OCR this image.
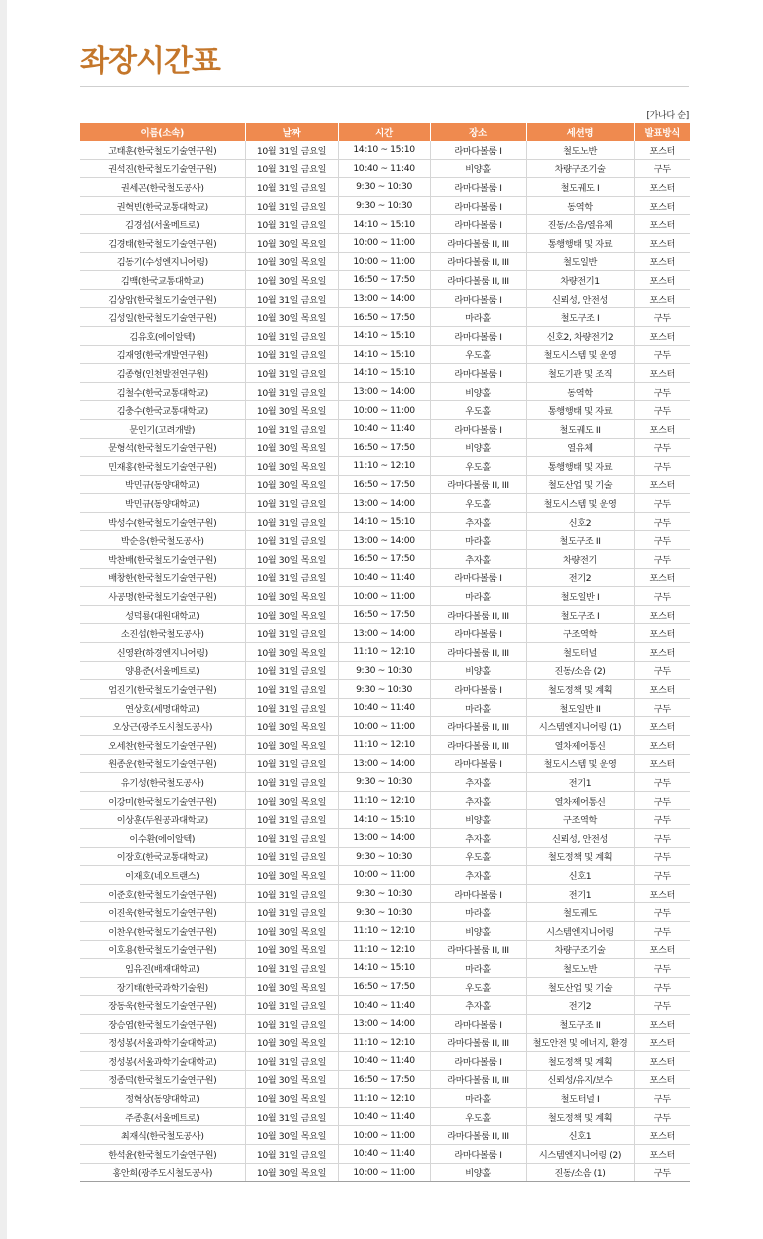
좌장시간표
[가나다 순]
이름(소속)	날짜	시간	장소	세션명	발표방식
고태훈(한국철도기술연구원)	10월 31일 금요일	14:10 ~ 15:10	라마다볼룸 I	철도노반	포스터
권석진(한국철도기술연구원)	10월 31일 금요일	10:40 ~ 11:40	비양홀	차량구조기술	구두
권세곤(한국철도공사)	10월 31일 금요일	9:30 ~ 10:30	라마다볼룸 I	철도궤도 I	포스터
권혁빈(한국교통대학교)	10월 31일 금요일	9:30 ~ 10:30	라마다볼룸 I	동역학	포스터
김경섭(서울메트로)	10월 31일 금요일	14:10 ~ 15:10	라마다볼룸 I	진동/소음/열유체	포스터
김경태(한국철도기술연구원)	10월 30일 목요일	10:00 ~ 11:00	라마다볼룸 II, III	통행행태 및 자료	포스터
김동기(수성엔지니어링)	10월 30일 목요일	10:00 ~ 11:00	라마다볼룸 II, III	철도일반	포스터
김백(한국교통대학교)	10월 30일 목요일	16:50 ~ 17:50	라마다볼룸 II, III	차량전기1	포스터
김상암(한국철도기술연구원)	10월 31일 금요일	13:00 ~ 14:00	라마다볼룸 I	신뢰성, 안전성	포스터
김성일(한국철도기술연구원)	10월 30일 목요일	16:50 ~ 17:50	마라홀	철도구조 I	구두
김유호(에이알텍)	10월 31일 금요일	14:10 ~ 15:10	라마다볼룸 I	신호2, 차량전기2	포스터
김재영(한국개발연구원)	10월 31일 금요일	14:10 ~ 15:10	우도홀	철도시스템 및 운영	구두
김종형(인천발전연구원)	10월 31일 금요일	14:10 ~ 15:10	라마다볼룸 I	철도기관 및 조직	포스터
김철수(한국교통대학교)	10월 31일 금요일	13:00 ~ 14:00	비양홀	동역학	구두
김충수(한국교통대학교)	10월 30일 목요일	10:00 ~ 11:00	우도홀	통행행태 및 자료	구두
문인기(고려개발)	10월 31일 금요일	10:40 ~ 11:40	라마다볼룸 I	철도궤도 II	포스터
문형석(한국철도기술연구원)	10월 30일 목요일	16:50 ~ 17:50	비양홀	열유체	구두
민재홍(한국철도기술연구원)	10월 30일 목요일	11:10 ~ 12:10	우도홀	통행행태 및 자료	구두
박민규(동양대학교)	10월 30일 목요일	16:50 ~ 17:50	라마다볼룸 II, III	철도산업 및 기술	포스터
박민규(동양대학교)	10월 31일 금요일	13:00 ~ 14:00	우도홀	철도시스템 및 운영	구두
박성수(한국철도기술연구원)	10월 31일 금요일	14:10 ~ 15:10	추자홀	신호2	구두
박순응(한국철도공사)	10월 31일 금요일	13:00 ~ 14:00	마라홀	철도구조 II	구두
박찬배(한국철도기술연구원)	10월 30일 목요일	16:50 ~ 17:50	추자홀	차량전기	구두
배창한(한국철도기술연구원)	10월 31일 금요일	10:40 ~ 11:40	라마다볼룸 I	전기2	포스터
사공명(한국철도기술연구원)	10월 30일 목요일	10:00 ~ 11:00	마라홀	철도일반 I	구두
성덕룡(대원대학교)	10월 30일 목요일	16:50 ~ 17:50	라마다볼룸 II, III	철도구조 I	포스터
소진섭(한국철도공사)	10월 31일 금요일	13:00 ~ 14:00	라마다볼룸 I	구조역학	포스터
신영완(하경엔지니어링)	10월 30일 목요일	11:10 ~ 12:10	라마다볼룸 II, III	철도터널	포스터
양용준(서울메트로)	10월 31일 금요일	9:30 ~ 10:30	비양홀	진동/소음 (2)	구두
엄진기(한국철도기술연구원)	10월 31일 금요일	9:30 ~ 10:30	라마다볼룸 I	철도정책 및 계획	포스터
연상호(세명대학교)	10월 31일 금요일	10:40 ~ 11:40	마라홀	철도일반 II	구두
오상근(광주도시철도공사)	10월 30일 목요일	10:00 ~ 11:00	라마다볼룸 II, III	시스템엔지니어링 (1)	포스터
오세찬(한국철도기술연구원)	10월 30일 목요일	11:10 ~ 12:10	라마다볼룸 II, III	열차제어통신	포스터
원종운(한국철도기술연구원)	10월 31일 금요일	13:00 ~ 14:00	라마다볼룸 I	철도시스템 및 운영	포스터
유기성(한국철도공사)	10월 31일 금요일	9:30 ~ 10:30	추자홀	전기1	구두
이강미(한국철도기술연구원)	10월 30일 목요일	11:10 ~ 12:10	추자홀	열차제어통신	구두
이상훈(두원공과대학교)	10월 31일 금요일	14:10 ~ 15:10	비양홀	구조역학	구두
이수환(에이알텍)	10월 31일 금요일	13:00 ~ 14:00	추자홀	신뢰성, 안전성	구두
이장호(한국교통대학교)	10월 31일 금요일	9:30 ~ 10:30	우도홀	철도정책 및 계획	구두
이재호(네오트랜스)	10월 30일 목요일	10:00 ~ 11:00	추자홀	신호1	구두
이준호(한국철도기술연구원)	10월 31일 금요일	9:30 ~ 10:30	라마다볼룸 I	전기1	포스터
이진욱(한국철도기술연구원)	10월 31일 금요일	9:30 ~ 10:30	마라홀	철도궤도	구두
이찬우(한국철도기술연구원)	10월 30일 목요일	11:10 ~ 12:10	비양홀	시스템엔지니어링	구두
이호용(한국철도기술연구원)	10월 30일 목요일	11:10 ~ 12:10	라마다볼룸 II, III	차량구조기술	포스터
임유진(배재대학교)	10월 31일 금요일	14:10 ~ 15:10	마라홀	철도노반	구두
장기태(한국과학기술원)	10월 30일 목요일	16:50 ~ 17:50	우도홀	철도산업 및 기술	구두
장동욱(한국철도기술연구원)	10월 31일 금요일	10:40 ~ 11:40	추자홀	전기2	구두
장승엽(한국철도기술연구원)	10월 31일 금요일	13:00 ~ 14:00	라마다볼룸 I	철도구조 II	포스터
정성봉(서울과학기술대학교)	10월 30일 목요일	11:10 ~ 12:10	라마다볼룸 II, III	철도안전 및 에너지, 환경	포스터
정성봉(서울과학기술대학교)	10월 31일 금요일	10:40 ~ 11:40	라마다볼룸 I	철도정책 및 계획	포스터
정종덕(한국철도기술연구원)	10월 30일 목요일	16:50 ~ 17:50	라마다볼룸 II, III	신뢰성/유지/보수	포스터
정혁상(동양대학교)	10월 30일 목요일	11:10 ~ 12:10	마라홀	철도터널 I	구두
주종훈(서울메트로)	10월 31일 금요일	10:40 ~ 11:40	우도홀	철도정책 및 계획	구두
최재식(한국철도공사)	10월 30일 목요일	10:00 ~ 11:00	라마다볼룸 II, III	신호1	포스터
한석윤(한국철도기술연구원)	10월 31일 금요일	10:40 ~ 11:40	라마다볼룸 I	시스템엔지니어링 (2)	포스터
홍안희(광주도시철도공사)	10월 30일 목요일	10:00 ~ 11:00	비양홀	진동/소음 (1)	구두
